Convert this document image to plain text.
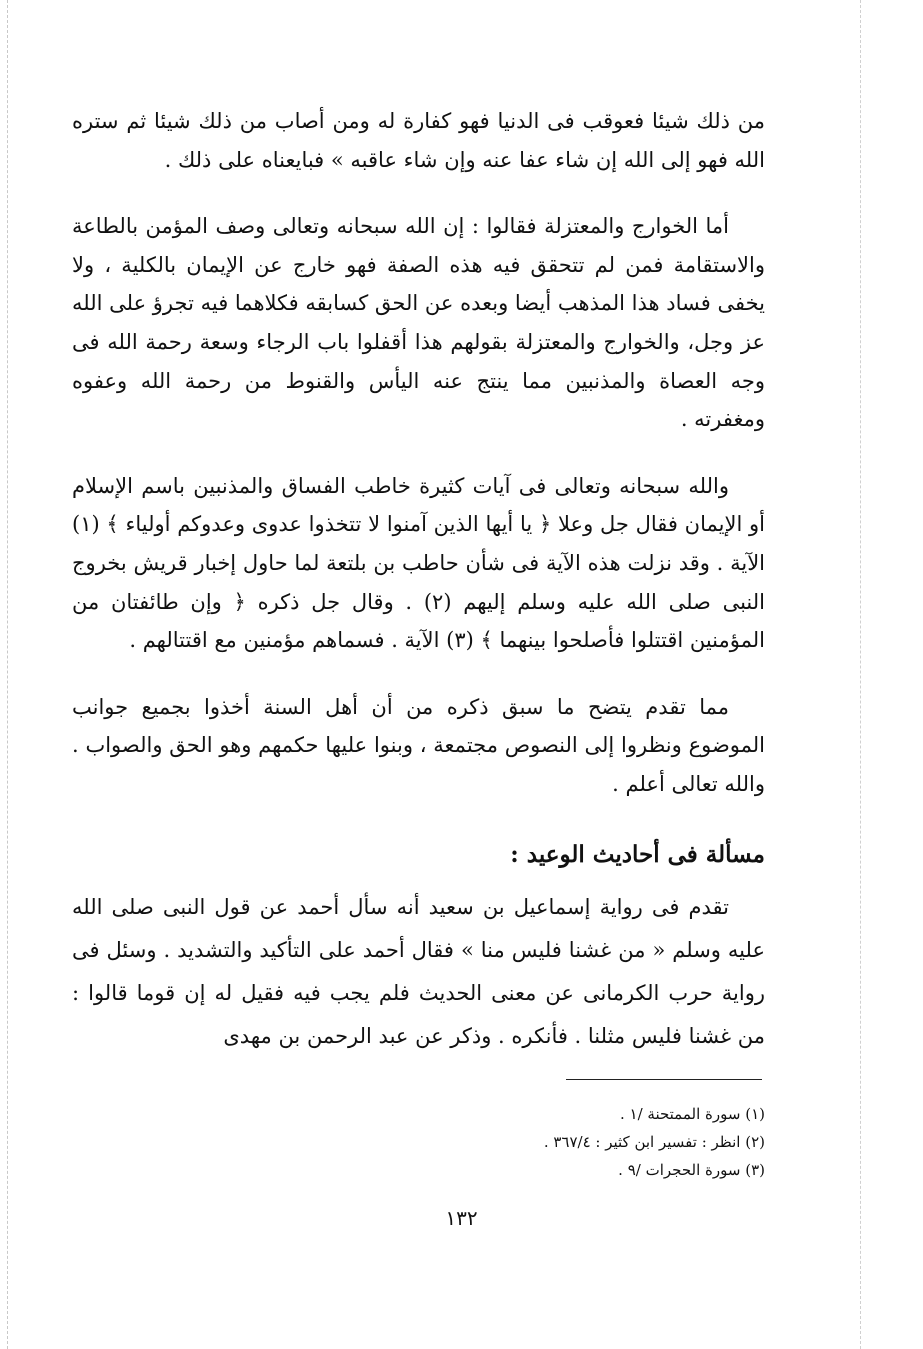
من ذلك شيئا فعوقب فى الدنيا فهو كفارة له ومن أصاب من ذلك شيئا ثم ستره الله فهو إلى الله إن شاء عفا عنه وإن شاء عاقبه » فبايعناه على ذلك .

أما الخوارج والمعتزلة فقالوا : إن الله سبحانه وتعالى وصف المؤمن بالطاعة والاستقامة فمن لم تتحقق فيه هذه الصفة فهو خارج عن الإيمان بالكلية ، ولا يخفى فساد هذا المذهب أيضا وبعده عن الحق كسابقه فكلاهما فيه تجرؤ على الله عز وجل، والخوارج والمعتزلة بقولهم هذا أقفلوا باب الرجاء وسعة رحمة الله فى وجه العصاة والمذنبين مما ينتج عنه اليأس والقنوط من رحمة الله وعفوه ومغفرته .

والله سبحانه وتعالى فى آيات كثيرة خاطب الفساق والمذنبين باسم الإسلام أو الإيمان فقال جل وعلا ﴿ يا أيها الذين آمنوا لا تتخذوا عدوى وعدوكم أولياء ﴾ (١) الآية . وقد نزلت هذه الآية فى شأن حاطب بن بلتعة لما حاول إخبار قريش بخروج النبى صلى الله عليه وسلم إليهم (٢) . وقال جل ذكره ﴿ وإن طائفتان من المؤمنين اقتتلوا فأصلحوا بينهما ﴾ (٣) الآية . فسماهم مؤمنين مع اقتتالهم .

مما تقدم يتضح ما سبق ذكره من أن أهل السنة أخذوا بجميع جوانب الموضوع ونظروا إلى النصوص مجتمعة ، وبنوا عليها حكمهم وهو الحق والصواب . والله تعالى أعلم .

مسألة فى أحاديث الوعيد :

تقدم فى رواية إسماعيل بن سعيد أنه سأل أحمد عن قول النبى صلى الله عليه وسلم « من غشنا فليس منا » فقال أحمد على التأكيد والتشديد . وسئل فى رواية حرب الكرمانى عن معنى الحديث فلم يجب فيه فقيل له إن قوما قالوا : من غشنا فليس مثلنا . فأنكره . وذكر عن عبد الرحمن بن مهدى

(١) سورة الممتحنة /١ .
(٢) انظر : تفسير ابن كثير : ٣٦٧/٤ .
(٣) سورة الحجرات /٩ .
١٣٢
